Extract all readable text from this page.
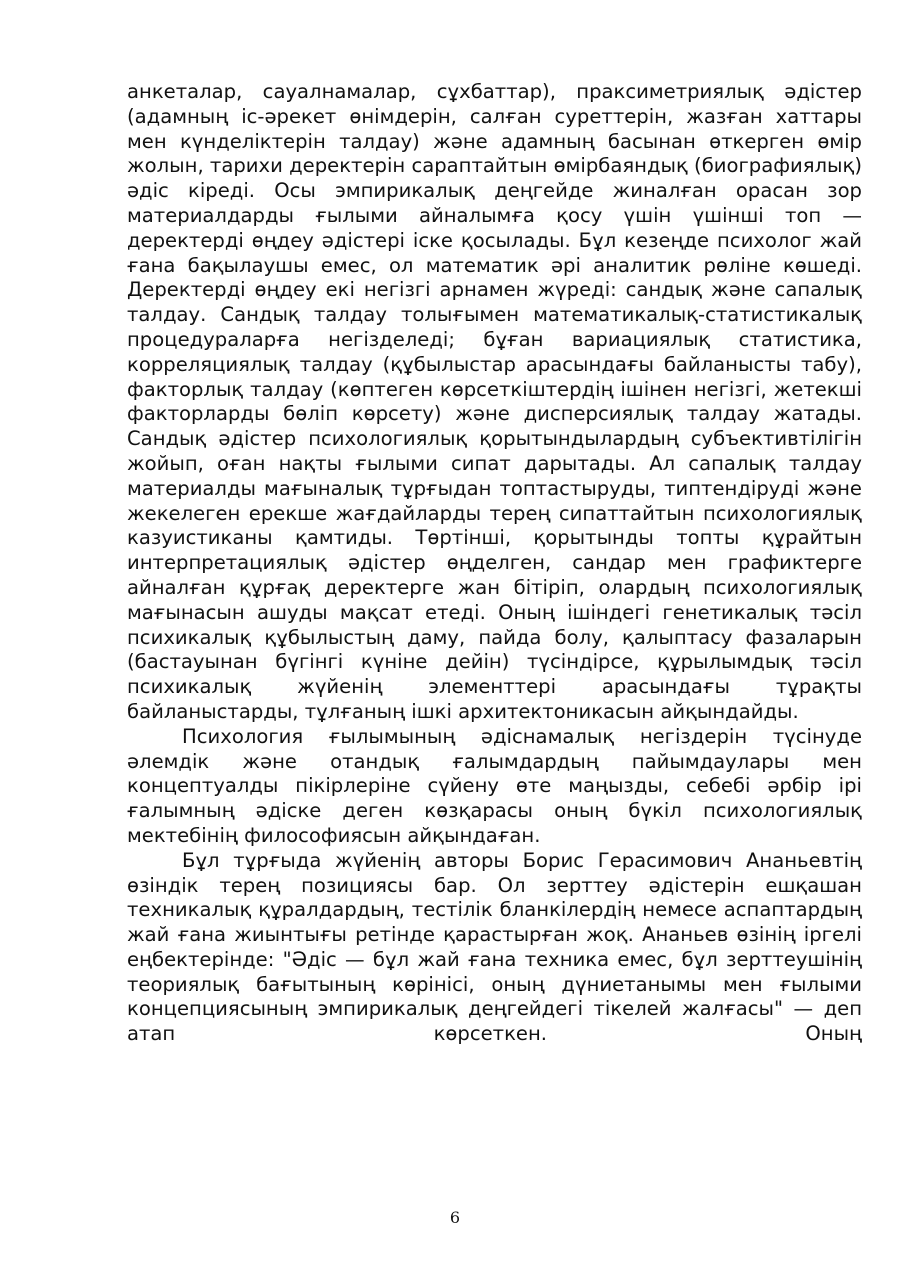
анкеталар, сауалнамалар, сұхбаттар), праксиметриялық әдістер (адамның іс-әрекет өнімдерін, салған суреттерін, жазған хаттары мен күнделіктерін талдау) және адамның басынан өткерген өмір жолын, тарихи деректерін сараптайтын өмірбаяндық (биографиялық) әдіс кіреді. Осы эмпирикалық деңгейде жиналған орасан зор материалдарды ғылыми айналымға қосу үшін үшінші топ — деректерді өңдеу әдістері іске қосылады. Бұл кезеңде психолог жай ғана бақылаушы емес, ол математик әрі аналитик рөліне көшеді. Деректерді өңдеу екі негізгі арнамен жүреді: сандық және сапалық талдау. Сандық талдау толығымен математикалық-статистикалық процедураларға негізделеді; бұған вариациялық статистика, корреляциялық талдау (құбылыстар арасындағы байланысты табу), факторлық талдау (көптеген көрсеткіштердің ішінен негізгі, жетекші факторларды бөліп көрсету) және дисперсиялық талдау жатады. Сандық әдістер психологиялық қорытындылардың субъективтілігін жойып, оған нақты ғылыми сипат дарытады. Ал сапалық талдау материалды мағыналық тұрғыдан топтастыруды, типтендіруді және жекелеген ерекше жағдайларды терең сипаттайтын психологиялық казуистиканы қамтиды. Төртінші, қорытынды топты құрайтын интерпретациялық әдістер өңделген, сандар мен графиктерге айналған құрғақ деректерге жан бітіріп, олардың психологиялық мағынасын ашуды мақсат етеді. Оның ішіндегі генетикалық тәсіл психикалық құбылыстың даму, пайда болу, қалыптасу фазаларын (бастауынан бүгінгі күніне дейін) түсіндірсе, құрылымдық тәсіл психикалық жүйенің элементтері арасындағы тұрақты байланыстарды, тұлғаның ішкі архитектоникасын айқындайды.

Психология ғылымының әдіснамалық негіздерін түсінуде әлемдік және отандық ғалымдардың пайымдаулары мен концептуалды пікірлеріне сүйену өте маңызды, себебі әрбір ірі ғалымның әдіске деген көзқарасы оның бүкіл психологиялық мектебінің философиясын айқындаған.

Бұл тұрғыда жүйенің авторы Борис Герасимович Ананьевтің өзіндік терең позициясы бар. Ол зерттеу әдістерін ешқашан техникалық құралдардың, тестілік бланкілердің немесе аспаптардың жай ғана жиынтығы ретінде қарастырған жоқ. Ананьев өзінің іргелі еңбектерінде: "Әдіс — бұл жай ғана техника емес, бұл зерттеушінің теориялық бағытының көрінісі, оның дүниетанымы мен ғылыми концепциясының эмпирикалық деңгейдегі тікелей жалғасы" — деп атап көрсеткен. Оның

6
